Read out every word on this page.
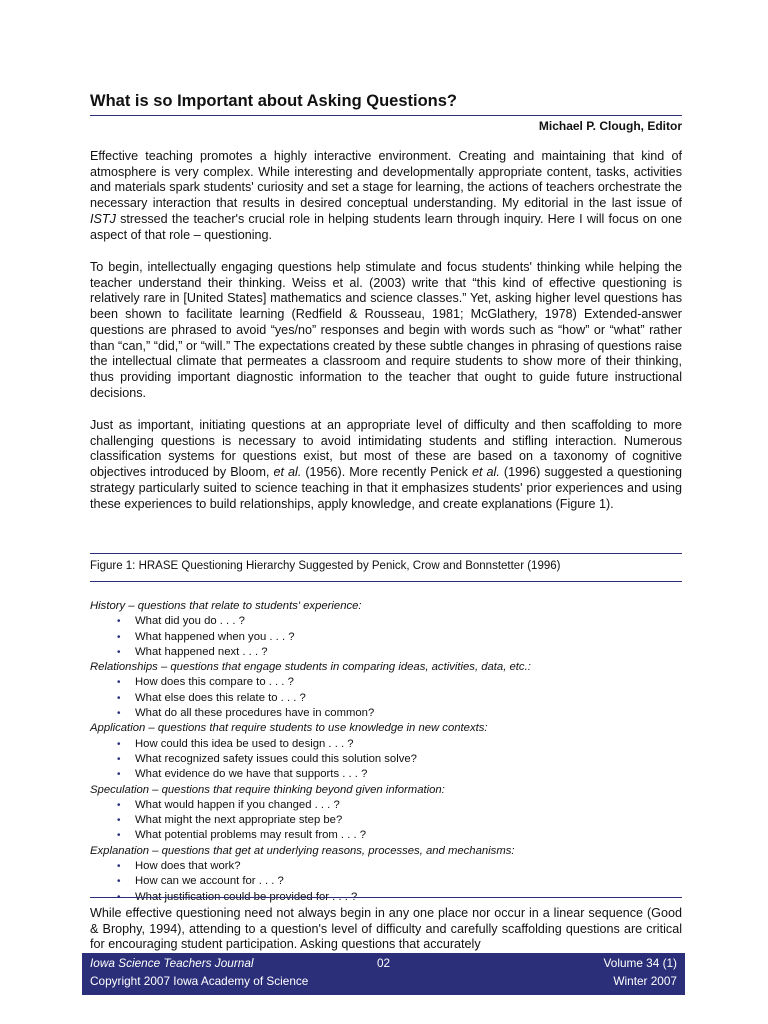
What is so Important about Asking Questions?
Michael P. Clough, Editor

Effective teaching promotes a highly interactive environment. Creating and maintaining that kind of atmosphere is very complex. While interesting and developmentally appropriate content, tasks, activities and materials spark students' curiosity and set a stage for learning, the actions of teachers orchestrate the necessary interaction that results in desired conceptual understanding. My editorial in the last issue of ISTJ stressed the teacher's crucial role in helping students learn through inquiry. Here I will focus on one aspect of that role – questioning.

To begin, intellectually engaging questions help stimulate and focus students' thinking while helping the teacher understand their thinking. Weiss et al. (2003) write that “this kind of effective questioning is relatively rare in [United States] mathematics and science classes.” Yet, asking higher level questions has been shown to facilitate learning (Redfield & Rousseau, 1981; McGlathery, 1978) Extended-answer questions are phrased to avoid “yes/no” responses and begin with words such as “how” or “what” rather than “can,” “did,” or “will.” The expectations created by these subtle changes in phrasing of questions raise the intellectual climate that permeates a classroom and require students to show more of their thinking, thus providing important diagnostic information to the teacher that ought to guide future instructional decisions.

Just as important, initiating questions at an appropriate level of difficulty and then scaffolding to more challenging questions is necessary to avoid intimidating students and stifling interaction. Numerous classification systems for questions exist, but most of these are based on a taxonomy of cognitive objectives introduced by Bloom, et al. (1956). More recently Penick et al. (1996) suggested a questioning strategy particularly suited to science teaching in that it emphasizes students' prior experiences and using these experiences to build relationships, apply knowledge, and create explanations (Figure 1).

Figure 1: HRASE Questioning Hierarchy Suggested by Penick, Crow and Bonnstetter (1996)
History – questions that relate to students' experience:
• What did you do . . . ?
• What happened when you . . . ?
• What happened next . . . ?
Relationships – questions that engage students in comparing ideas, activities, data, etc.:
• How does this compare to . . . ?
• What else does this relate to . . . ?
• What do all these procedures have in common?
Application – questions that require students to use knowledge in new contexts:
• How could this idea be used to design . . . ?
• What recognized safety issues could this solution solve?
• What evidence do we have that supports . . . ?
Speculation – questions that require thinking beyond given information:
• What would happen if you changed . . . ?
• What might the next appropriate step be?
• What potential problems may result from . . . ?
Explanation – questions that get at underlying reasons, processes, and mechanisms:
• How does that work?
• How can we account for . . . ?
• What justification could be provided for . . . ?

While effective questioning need not always begin in any one place nor occur in a linear sequence (Good & Brophy, 1994), attending to a question's level of difficulty and carefully scaffolding questions are critical for encouraging student participation. Asking questions that accurately

Iowa Science Teachers Journal
Copyright 2007 Iowa Academy of Science
02	Volume 34 (1)
Winter 2007
